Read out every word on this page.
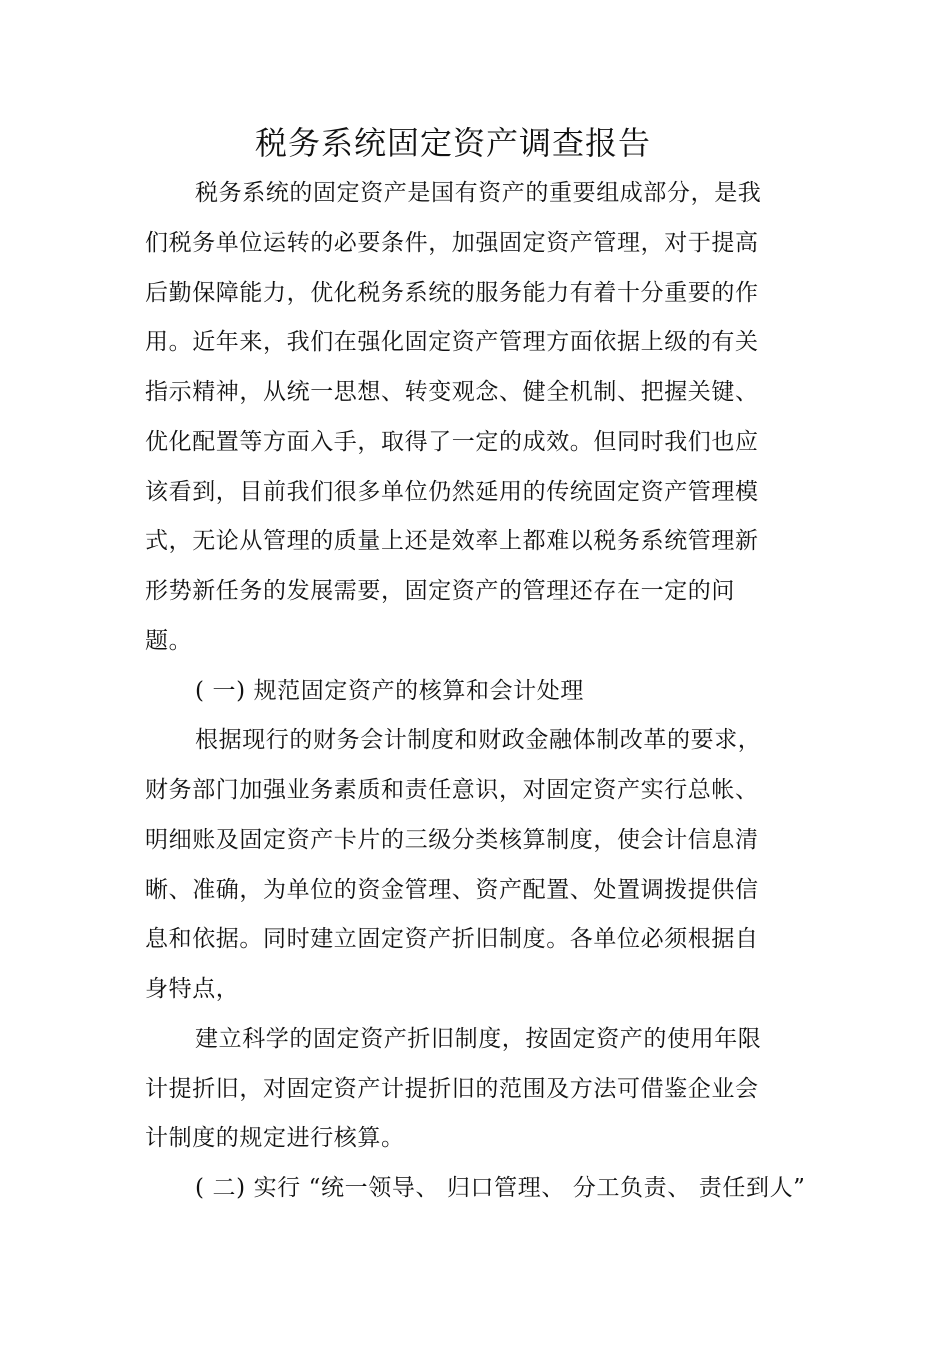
税务系统固定资产调查报告
税务系统的固定资产是国有资产的重要组成部分，是我
们税务单位运转的必要条件，加强固定资产管理，对于提高
后勤保障能力，优化税务系统的服务能力有着十分重要的作
用。近年来，我们在强化固定资产管理方面依据上级的有关
指示精神，从统一思想、转变观念、健全机制、把握关键、
优化配置等方面入手，取得了一定的成效。但同时我们也应
该看到，目前我们很多单位仍然延用的传统固定资产管理模
式，无论从管理的质量上还是效率上都难以税务系统管理新
形势新任务的发展需要，固定资产的管理还存在一定的问
题。
( 一) 规范固定资产的核算和会计处理
根据现行的财务会计制度和财政金融体制改革的要求，
财务部门加强业务素质和责任意识，对固定资产实行总帐、
明细账及固定资产卡片的三级分类核算制度，使会计信息清
晰、准确，为单位的资金管理、资产配置、处置调拨提供信
息和依据。同时建立固定资产折旧制度。各单位必须根据自
身特点，
建立科学的固定资产折旧制度，按固定资产的使用年限
计提折旧，对固定资产计提折旧的范围及方法可借鉴企业会
计制度的规定进行核算。
( 二) 实行 “统一领导、 归口管理、 分工负责、 责任到人”
